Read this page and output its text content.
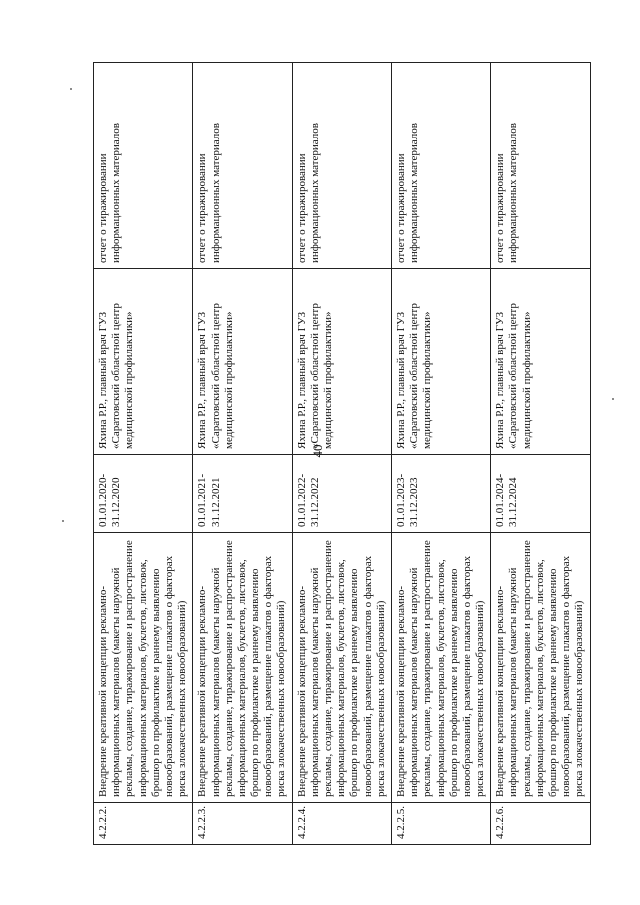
40
4.2.2.2.	Внедрение креативной концепции рекламно-информационных материалов (макеты наружной рекламы, создание, тиражирование и распространение информационных материалов, буклетов, листовок, брошюр по профилактике и раннему выявлению новообразований, размещение плакатов о факторах риска злокачественных новообразований)	01.01.2020-31.12.2020	Яхина Р.Р., главный врач ГУЗ «Саратовский областной центр медицинской профилактики»	отчет о тиражировании информационных материалов
4.2.2.3.	Внедрение креативной концепции рекламно-информационных материалов (макеты наружной рекламы, создание, тиражирование и распространение информационных материалов, буклетов, листовок, брошюр по профилактике и раннему выявлению новообразований, размещение плакатов о факторах риска злокачественных новообразований)	01.01.2021-31.12.2021	Яхина Р.Р., главный врач ГУЗ «Саратовский областной центр медицинской профилактики»	отчет о тиражировании информационных материалов
4.2.2.4.	Внедрение креативной концепции рекламно-информационных материалов (макеты наружной рекламы, создание, тиражирование и распространение информационных материалов, буклетов, листовок, брошюр по профилактике и раннему выявлению новообразований, размещение плакатов о факторах риска злокачественных новообразований)	01.01.2022-31.12.2022	Яхина Р.Р., главный врач ГУЗ «Саратовский областной центр медицинской профилактики»	отчет о тиражировании информационных материалов
4.2.2.5.	Внедрение креативной концепции рекламно-информационных материалов (макеты наружной рекламы, создание, тиражирование и распространение информационных материалов, буклетов, листовок, брошюр по профилактике и раннему выявлению новообразований, размещение плакатов о факторах риска злокачественных новообразований)	01.01.2023-31.12.2023	Яхина Р.Р., главный врач ГУЗ «Саратовский областной центр медицинской профилактики»	отчет о тиражировании информационных материалов
4.2.2.6.	Внедрение креативной концепции рекламно-информационных материалов (макеты наружной рекламы, создание, тиражирование и распространение информационных материалов, буклетов, листовок, брошюр по профилактике и раннему выявлению новообразований, размещение плакатов о факторах риска злокачественных новообразований)	01.01.2024-31.12.2024	Яхина Р.Р., главный врач ГУЗ «Саратовский областной центр медицинской профилактики»	отчет о тиражировании информационных материалов
